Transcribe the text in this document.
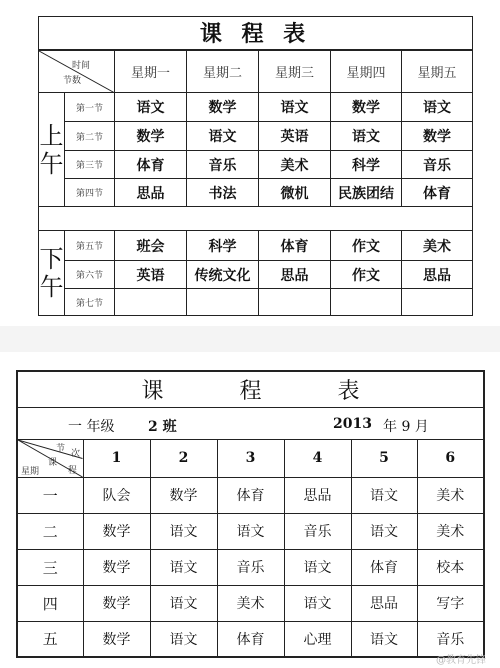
课 程 表						

时间
节数		星期一	星期二	星期三	星期四	星期五
上午	第一节	语文	数学	语文	数学	语文
	第二节	数学	语文	英语	语文	数学
	第三节	体育	音乐	美术	科学	音乐
	第四节	思品	书法	微机	民族团结	体育

下午	第五节	班会	科学	体育	作文	美术
	第六节	英语	传统文化	思品	作文	思品
	第七节					
课 程 表						

一 年级 2 班 2013 年 9 月						

节 次
课
程
星期	1	2	3	4	5	6
一	队会	数学	体育	思品	语文	美术
二	数学	语文	语文	音乐	语文	美术
三	数学	语文	音乐	语文	体育	校本
四	数学	语文	美术	语文	思品	写字
五	数学	语文	体育	心理	语文	音乐
@教育先锋
